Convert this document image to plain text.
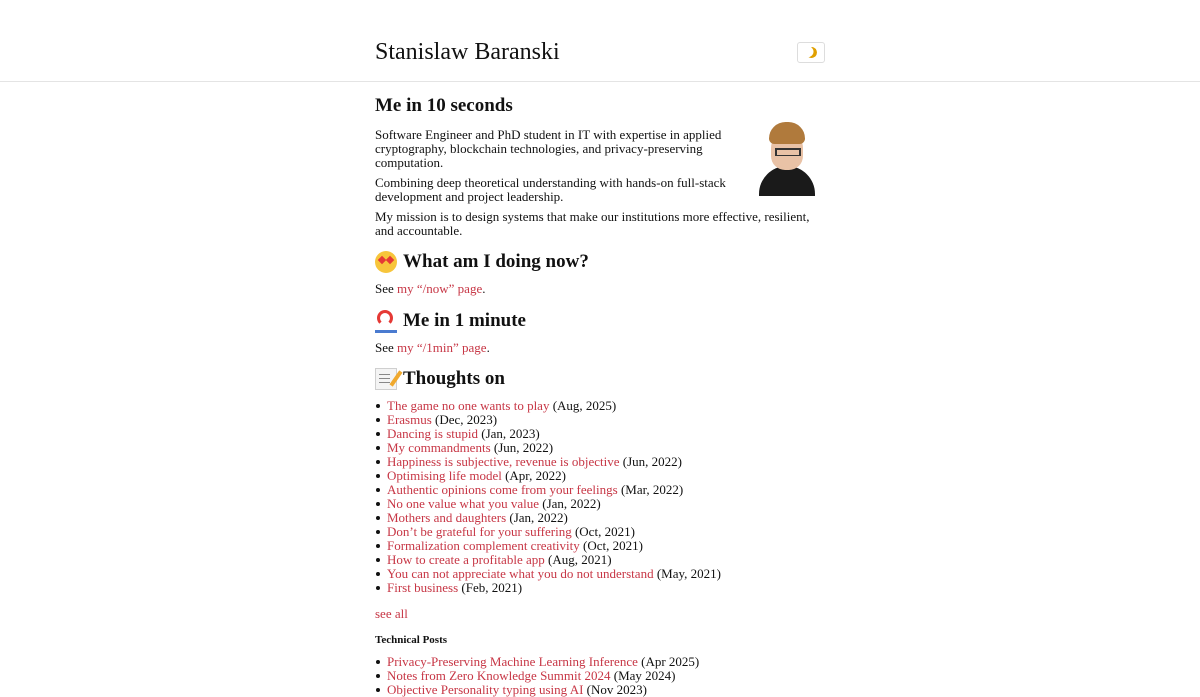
Stanislaw Baranski
Me in 10 seconds

Software Engineer and PhD student in IT with expertise in applied cryptography, blockchain technologies, and privacy-preserving computation.

Combining deep theoretical understanding with hands-on full-stack development and project leadership.

My mission is to design systems that make our institutions more effective, resilient, and accountable.

What am I doing now?

See my “/now” page.

Me in 1 minute

See my “/1min” page.

Thoughts on
The game no one wants to play (Aug, 2025)
Erasmus (Dec, 2023)
Dancing is stupid (Jan, 2023)
My commandments (Jun, 2022)
Happiness is subjective, revenue is objective (Jun, 2022)
Optimising life model (Apr, 2022)
Authentic opinions come from your feelings (Mar, 2022)
No one value what you value (Jan, 2022)
Mothers and daughters (Jan, 2022)
Don’t be grateful for your suffering (Oct, 2021)
Formalization complement creativity (Oct, 2021)
How to create a profitable app (Aug, 2021)
You can not appreciate what you do not understand (May, 2021)
First business (Feb, 2021)
see all
Technical Posts
Privacy-Preserving Machine Learning Inference (Apr 2025)
Notes from Zero Knowledge Summit 2024 (May 2024)
Objective Personality typing using AI (Nov 2023)
